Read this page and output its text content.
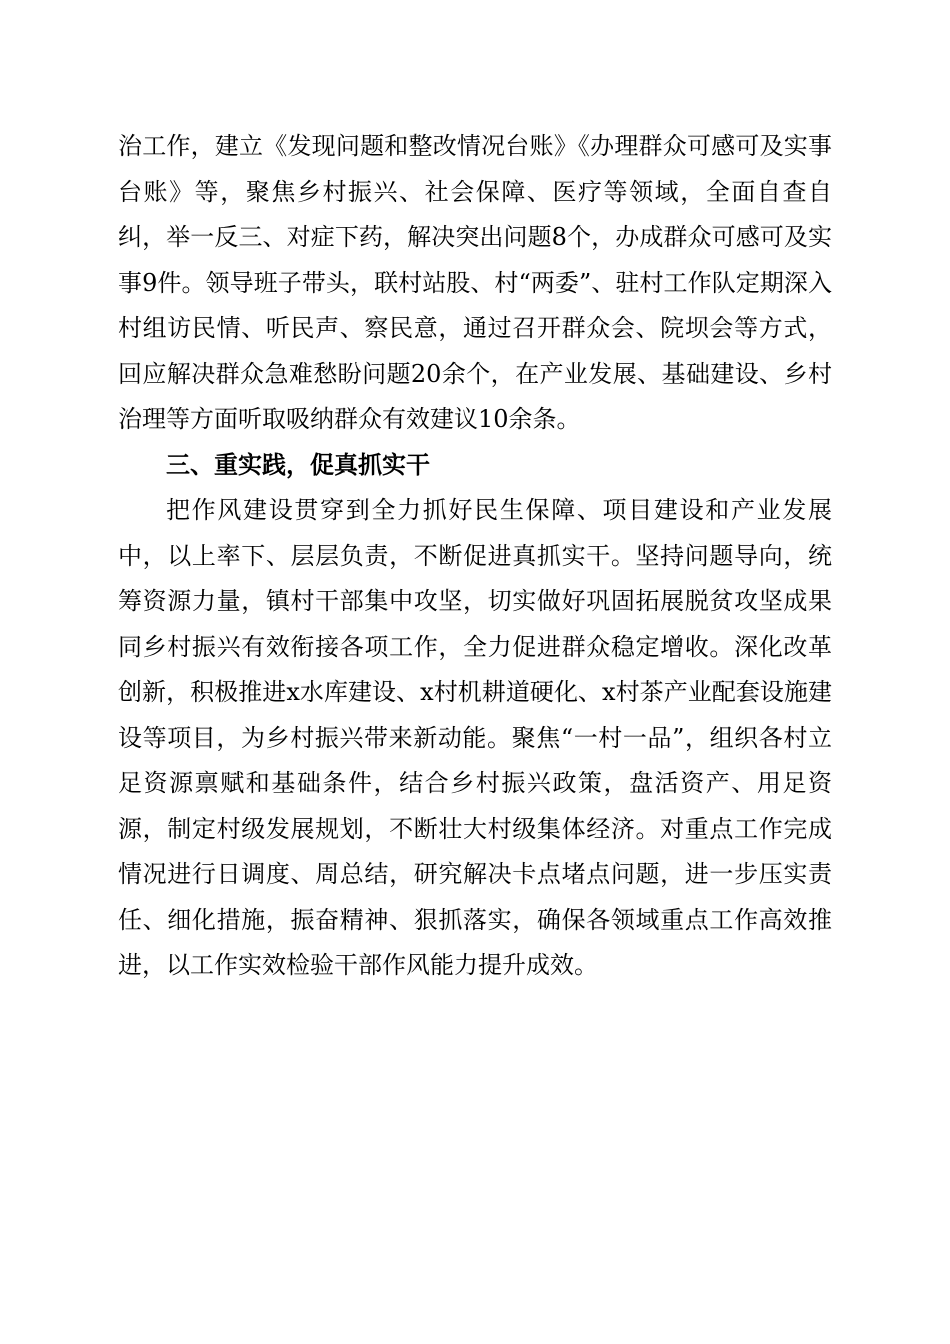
治工作，建立《发现问题和整改情况台账》《办理群众可感可及实事台账》等，聚焦乡村振兴、社会保障、医疗等领域，全面自查自纠，举一反三、对症下药，解决突出问题8个，办成群众可感可及实事9件。领导班子带头，联村站股、村“两委”、驻村工作队定期深入村组访民情、听民声、察民意，通过召开群众会、院坝会等方式，回应解决群众急难愁盼问题20余个，在产业发展、基础建设、乡村治理等方面听取吸纳群众有效建议10余条。

三、重实践，促真抓实干

把作风建设贯穿到全力抓好民生保障、项目建设和产业发展中，以上率下、层层负责，不断促进真抓实干。坚持问题导向，统筹资源力量，镇村干部集中攻坚，切实做好巩固拓展脱贫攻坚成果同乡村振兴有效衔接各项工作，全力促进群众稳定增收。深化改革创新，积极推进x水库建设、x村机耕道硬化、x村茶产业配套设施建设等项目，为乡村振兴带来新动能。聚焦“一村一品”，组织各村立足资源禀赋和基础条件，结合乡村振兴政策，盘活资产、用足资源，制定村级发展规划，不断壮大村级集体经济。对重点工作完成情况进行日调度、周总结，研究解决卡点堵点问题，进一步压实责任、细化措施，振奋精神、狠抓落实，确保各领域重点工作高效推进，以工作实效检验干部作风能力提升成效。
